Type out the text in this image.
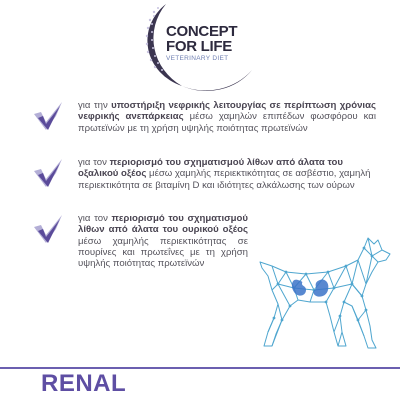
CONCEPT
FOR LIFE
VETERINARY DIET

για την υποστήριξη νεφρικής λειτουργίας σε περίπτωση χρόνιας νεφρικής ανεπάρκειας μέσω χαμηλών επιπέδων φωσφόρου και πρωτεϊνών με τη χρήση υψηλής ποιότητας πρωτεϊνών

για τον περιορισμό του σχηματισμού λίθων από άλατα του οξαλικού οξέος μέσω χαμηλής περιεκτικότητας σε ασβέστιο, χαμηλή περιεκτικότητα σε βιταμίνη D και ιδιότητες αλκάλωσης των ούρων

για τον περιορισμό του σχηματισμού λίθων από άλατα του ουρικού οξέος μέσω χαμηλής περιεκτικότητας σε πουρίνες και πρωτεΐνες με τη χρήση υψηλής ποιότητας πρωτεϊνών

RENAL
